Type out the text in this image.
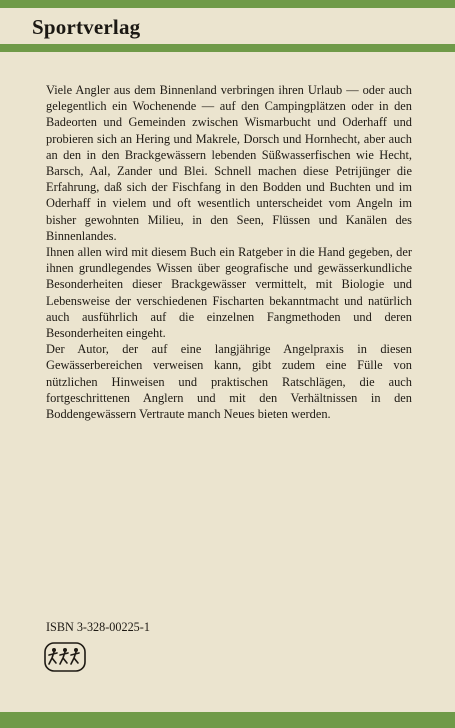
Sportverlag

Viele Angler aus dem Binnenland verbringen ihren Urlaub — oder auch gelegentlich ein Wochenende — auf den Campingplätzen oder in den Badeorten und Gemeinden zwischen Wismarbucht und Oderhaff und probieren sich an Hering und Makrele, Dorsch und Hornhecht, aber auch an den in den Brackgewässern lebenden Süßwasserfischen wie Hecht, Barsch, Aal, Zander und Blei. Schnell machen diese Petrijünger die Erfahrung, daß sich der Fischfang in den Bodden und Buchten und im Oderhaff in vielem und oft wesentlich unterscheidet vom Angeln im bisher gewohnten Milieu, in den Seen, Flüssen und Kanälen des Binnenlandes.

Ihnen allen wird mit diesem Buch ein Ratgeber in die Hand gegeben, der ihnen grundlegendes Wissen über geografische und gewässerkundliche Besonderheiten dieser Brackgewässer vermittelt, mit Biologie und Lebensweise der verschiedenen Fischarten bekanntmacht und natürlich auch ausführlich auf die einzelnen Fangmethoden und deren Besonderheiten eingeht.

Der Autor, der auf eine langjährige Angelpraxis in diesen Gewässerbereichen verweisen kann, gibt zudem eine Fülle von nützlichen Hinweisen und praktischen Ratschlägen, die auch fortgeschrittenen Anglern und mit den Verhältnissen in den Boddengewässern Vertraute manch Neues bieten werden.

ISBN 3-328-00225-1
